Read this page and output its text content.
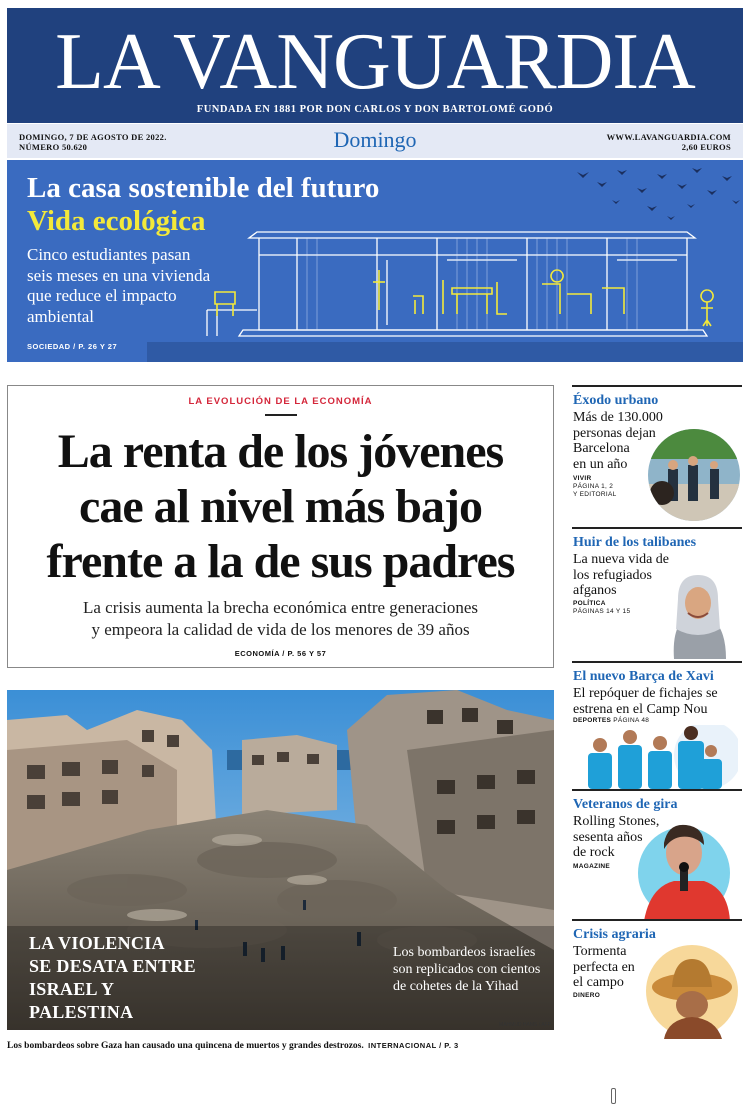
LA VANGUARDIA
FUNDADA EN 1881 POR DON CARLOS Y DON BARTOLOMÉ GODÓ
DOMINGO, 7 DE AGOSTO DE 2022.
NÚMERO 50.620	Domingo	WWW.LAVANGUARDIA.COM
2,60 EUROS
La casa sostenible del futuro
Vida ecológica
Cinco estudiantes pasan seis meses en una vivienda que reduce el impacto ambiental
SOCIEDAD / P. 26 Y 27
LA EVOLUCIÓN DE LA ECONOMÍA
La renta de los jóvenes
cae al nivel más bajo
frente a la de sus padres
La crisis aumenta la brecha económica entre generaciones
y empeora la calidad de vida de los menores de 39 años
ECONOMÍA / P. 56 Y 57
LA VIOLENCIA
SE DESATA ENTRE
ISRAEL Y
PALESTINA
Los bombardeos israelíes son replicados con cientos de cohetes de la Yihad
MAHMUD HAMS / AFP
Los bombardeos sobre Gaza han causado una quincena de muertos y grandes destrozos. INTERNACIONAL / P. 3
Éxodo urbano
Más de 130.000
personas dejan
Barcelona
en un año
VIVIR
PÁGINA 1, 2
Y EDITORIAL
Huir de los talibanes
La nueva vida de
los refugiados
afganos
POLÍTICA
PÁGINAS 14 Y 15
El nuevo Barça de Xavi
El repóquer de fichajes se
estrena en el Camp Nou
DEPORTES PÁGINA 48
Veteranos de gira
Rolling Stones,
sesenta años
de rock
MAGAZINE
Crisis agraria
Tormenta
perfecta en
el campo
DINERO
